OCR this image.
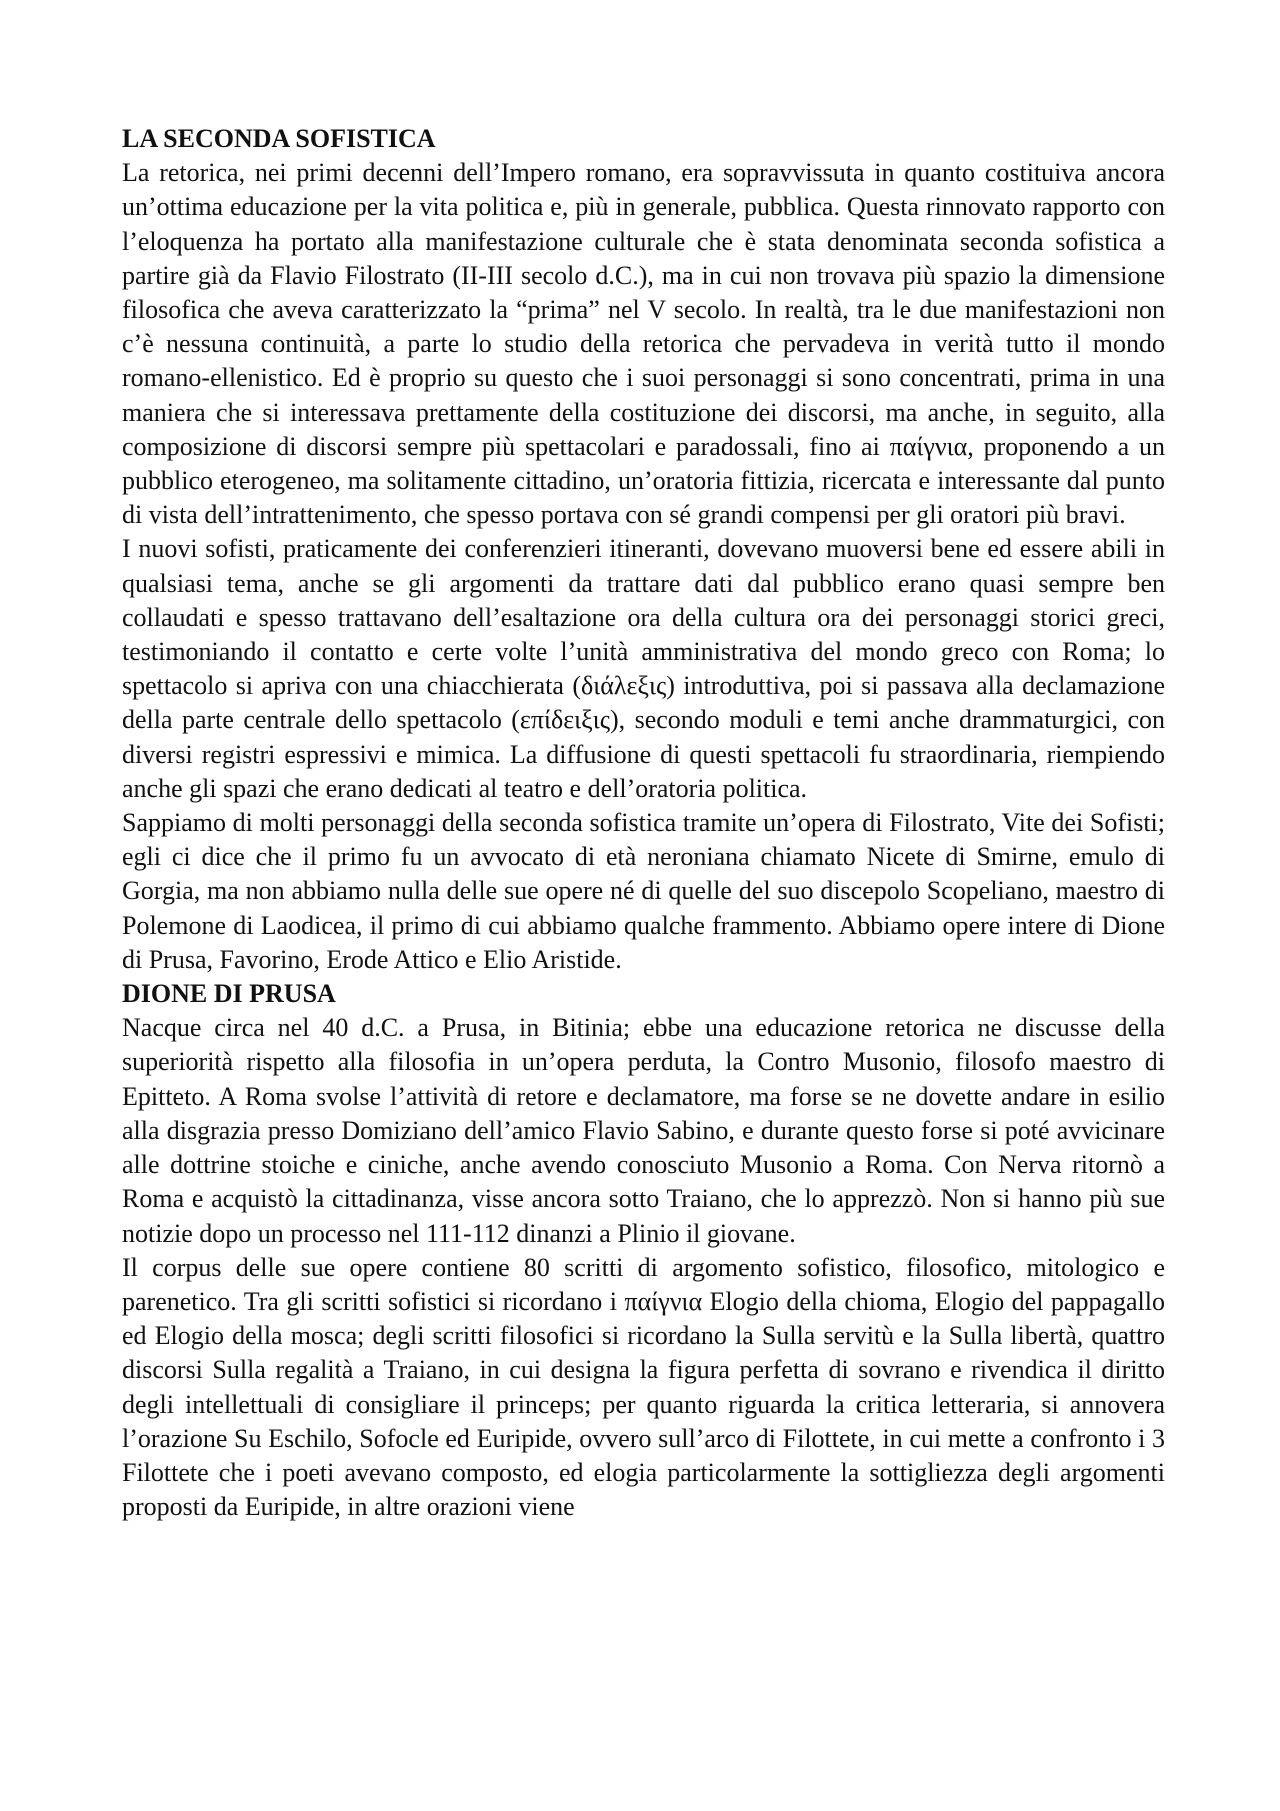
LA SECONDA SOFISTICA

La retorica, nei primi decenni dell’Impero romano, era sopravvissuta in quanto costituiva ancora un’ottima educazione per la vita politica e, più in generale, pubblica. Questa rinnovato rapporto con l’eloquenza ha portato alla manifestazione culturale che è stata denominata seconda sofistica a partire già da Flavio Filostrato (II-III secolo d.C.), ma in cui non trovava più spazio la dimensione filosofica che aveva caratterizzato la “prima” nel V secolo. In realtà, tra le due manifestazioni non c’è nessuna continuità, a parte lo studio della retorica che pervadeva in verità tutto il mondo romano-ellenistico. Ed è proprio su questo che i suoi personaggi si sono concentrati, prima in una maniera che si interessava prettamente della costituzione dei discorsi, ma anche, in seguito, alla composizione di discorsi sempre più spettacolari e paradossali, fino ai παίγνια, proponendo a un pubblico eterogeneo, ma solitamente cittadino, un’oratoria fittizia, ricercata e interessante dal punto di vista dell’intrattenimento, che spesso portava con sé grandi compensi per gli oratori più bravi.

I nuovi sofisti, praticamente dei conferenzieri itineranti, dovevano muoversi bene ed essere abili in qualsiasi tema, anche se gli argomenti da trattare dati dal pubblico erano quasi sempre ben collaudati e spesso trattavano dell’esaltazione ora della cultura ora dei personaggi storici greci, testimoniando il contatto e certe volte l’unità amministrativa del mondo greco con Roma; lo spettacolo si apriva con una chiacchierata (διάλεξις) introduttiva, poi si passava alla declamazione della parte centrale dello spettacolo (επίδειξις), secondo moduli e temi anche drammaturgici, con diversi registri espressivi e mimica. La diffusione di questi spettacoli fu straordinaria, riempiendo anche gli spazi che erano dedicati al teatro e dell’oratoria politica.

Sappiamo di molti personaggi della seconda sofistica tramite un’opera di Filostrato, Vite dei Sofisti; egli ci dice che il primo fu un avvocato di età neroniana chiamato Nicete di Smirne, emulo di Gorgia, ma non abbiamo nulla delle sue opere né di quelle del suo discepolo Scopeliano, maestro di Polemone di Laodicea, il primo di cui abbiamo qualche frammento. Abbiamo opere intere di Dione di Prusa, Favorino, Erode Attico e Elio Aristide.

DIONE DI PRUSA

Nacque circa nel 40 d.C. a Prusa, in Bitinia; ebbe una educazione retorica ne discusse della superiorità rispetto alla filosofia in un’opera perduta, la Contro Musonio, filosofo maestro di Epitteto. A Roma svolse l’attività di retore e declamatore, ma forse se ne dovette andare in esilio alla disgrazia presso Domiziano dell’amico Flavio Sabino, e durante questo forse si poté avvicinare alle dottrine stoiche e ciniche, anche avendo conosciuto Musonio a Roma. Con Nerva ritornò a Roma e acquistò la cittadinanza, visse ancora sotto Traiano, che lo apprezzò. Non si hanno più sue notizie dopo un processo nel 111-112 dinanzi a Plinio il giovane.

Il corpus delle sue opere contiene 80 scritti di argomento sofistico, filosofico, mitologico e parenetico. Tra gli scritti sofistici si ricordano i παίγνια Elogio della chioma, Elogio del pappagallo ed Elogio della mosca; degli scritti filosofici si ricordano la Sulla servitù e la Sulla libertà, quattro discorsi Sulla regalità a Traiano, in cui designa la figura perfetta di sovrano e rivendica il diritto degli intellettuali di consigliare il princeps; per quanto riguarda la critica letteraria, si annovera l’orazione Su Eschilo, Sofocle ed Euripide, ovvero sull’arco di Filottete, in cui mette a confronto i 3 Filottete che i poeti avevano composto, ed elogia particolarmente la sottigliezza degli argomenti proposti da Euripide, in altre orazioni viene
